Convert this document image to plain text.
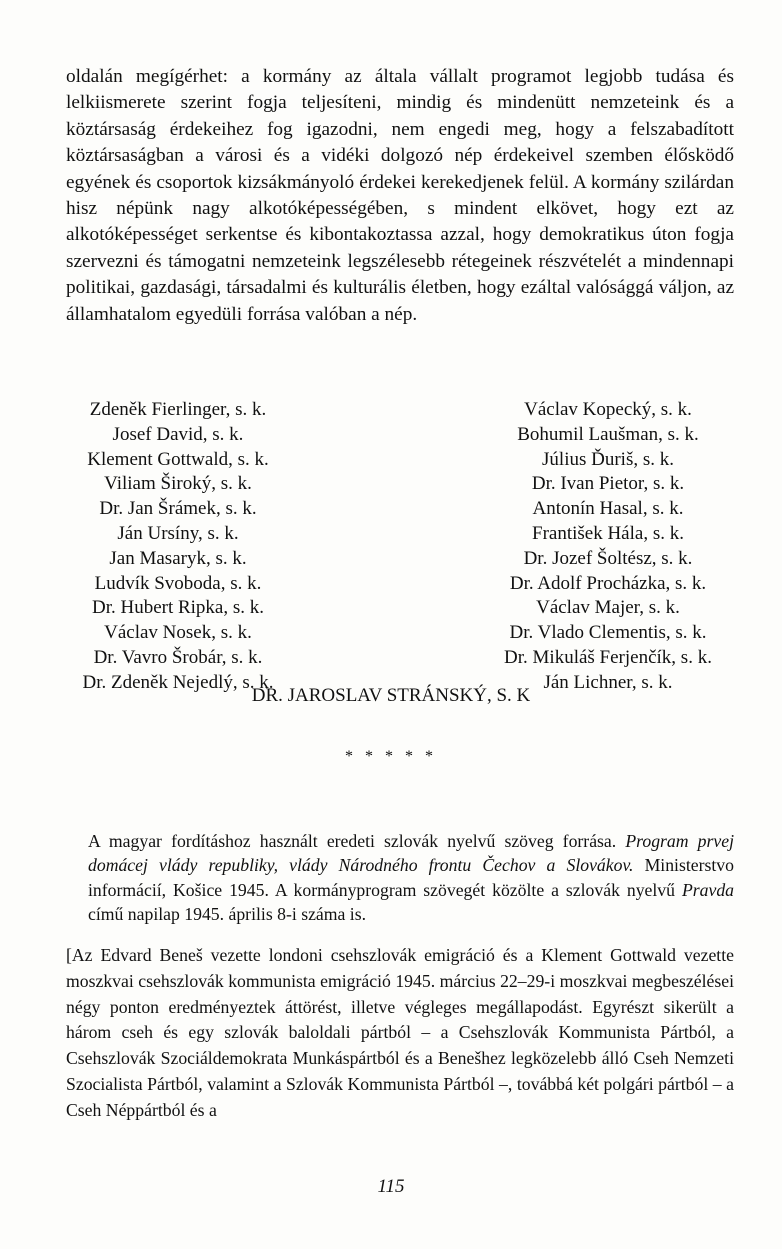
oldalán megígérhet: a kormány az általa vállalt programot legjobb tudása és lelkiismerete szerint fogja teljesíteni, mindig és mindenütt nemzeteink és a köztársaság érdekeihez fog igazodni, nem engedi meg, hogy a felszabadított köztársaságban a városi és a vidéki dolgozó nép érdekeivel szemben élősködő egyének és csoportok kizsákmányoló érdekei kerekedjenek felül. A kormány szilárdan hisz népünk nagy alkotóképességében, s mindent elkövet, hogy ezt az alkotóképességet serkentse és kibontakoztassa azzal, hogy demokratikus úton fogja szervezni és támogatni nemzeteink legszélesebb rétegeinek részvételét a mindennapi politikai, gazdasági, társadalmi és kulturális életben, hogy ezáltal valósággá váljon, az államhatalom egyedüli forrása valóban a nép.

Zdeněk Fierlinger, s. k.
Josef David, s. k.
Klement Gottwald, s. k.
Viliam Široký, s. k.
Dr. Jan Šrámek, s. k.
Ján Ursíny, s. k.
Jan Masaryk, s. k.
Ludvík Svoboda, s. k.
Dr. Hubert Ripka, s. k.
Václav Nosek, s. k.
Dr. Vavro Šrobár, s. k.
Dr. Zdeněk Nejedlý, s. k.
Václav Kopecký, s. k.
Bohumil Laušman, s. k.
Július Ďuriš, s. k.
Dr. Ivan Pietor, s. k.
Antonín Hasal, s. k.
František Hála, s. k.
Dr. Jozef Šoltész, s. k.
Dr. Adolf Procházka, s. k.
Václav Majer, s. k.
Dr. Vlado Clementis, s. k.
Dr. Mikuláš Ferjenčík, s. k.
Ján Lichner, s. k.

DR. JAROSLAV STRÁNSKÝ, S. K

* * * * *

A magyar fordításhoz használt eredeti szlovák nyelvű szöveg forrása. Program prvej domácej vlády republiky, vlády Národného frontu Čechov a Slovákov. Ministerstvo informácií, Košice 1945. A kormányprogram szövegét közölte a szlovák nyelvű Pravda című napilap 1945. április 8-i száma is.

[Az Edvard Beneš vezette londoni csehszlovák emigráció és a Klement Gottwald vezette moszkvai csehszlovák kommunista emigráció 1945. március 22–29-i moszkvai megbeszélései négy ponton eredményeztek áttörést, illetve végleges megállapodást. Egyrészt sikerült a három cseh és egy szlovák baloldali pártból – a Csehszlovák Kommunista Pártból, a Csehszlovák Szociáldemokrata Munkáspártból és a Benešhez legközelebb álló Cseh Nemzeti Szocialista Pártból, valamint a Szlovák Kommunista Pártból –, továbbá két polgári pártból – a Cseh Néppártból és a

115
